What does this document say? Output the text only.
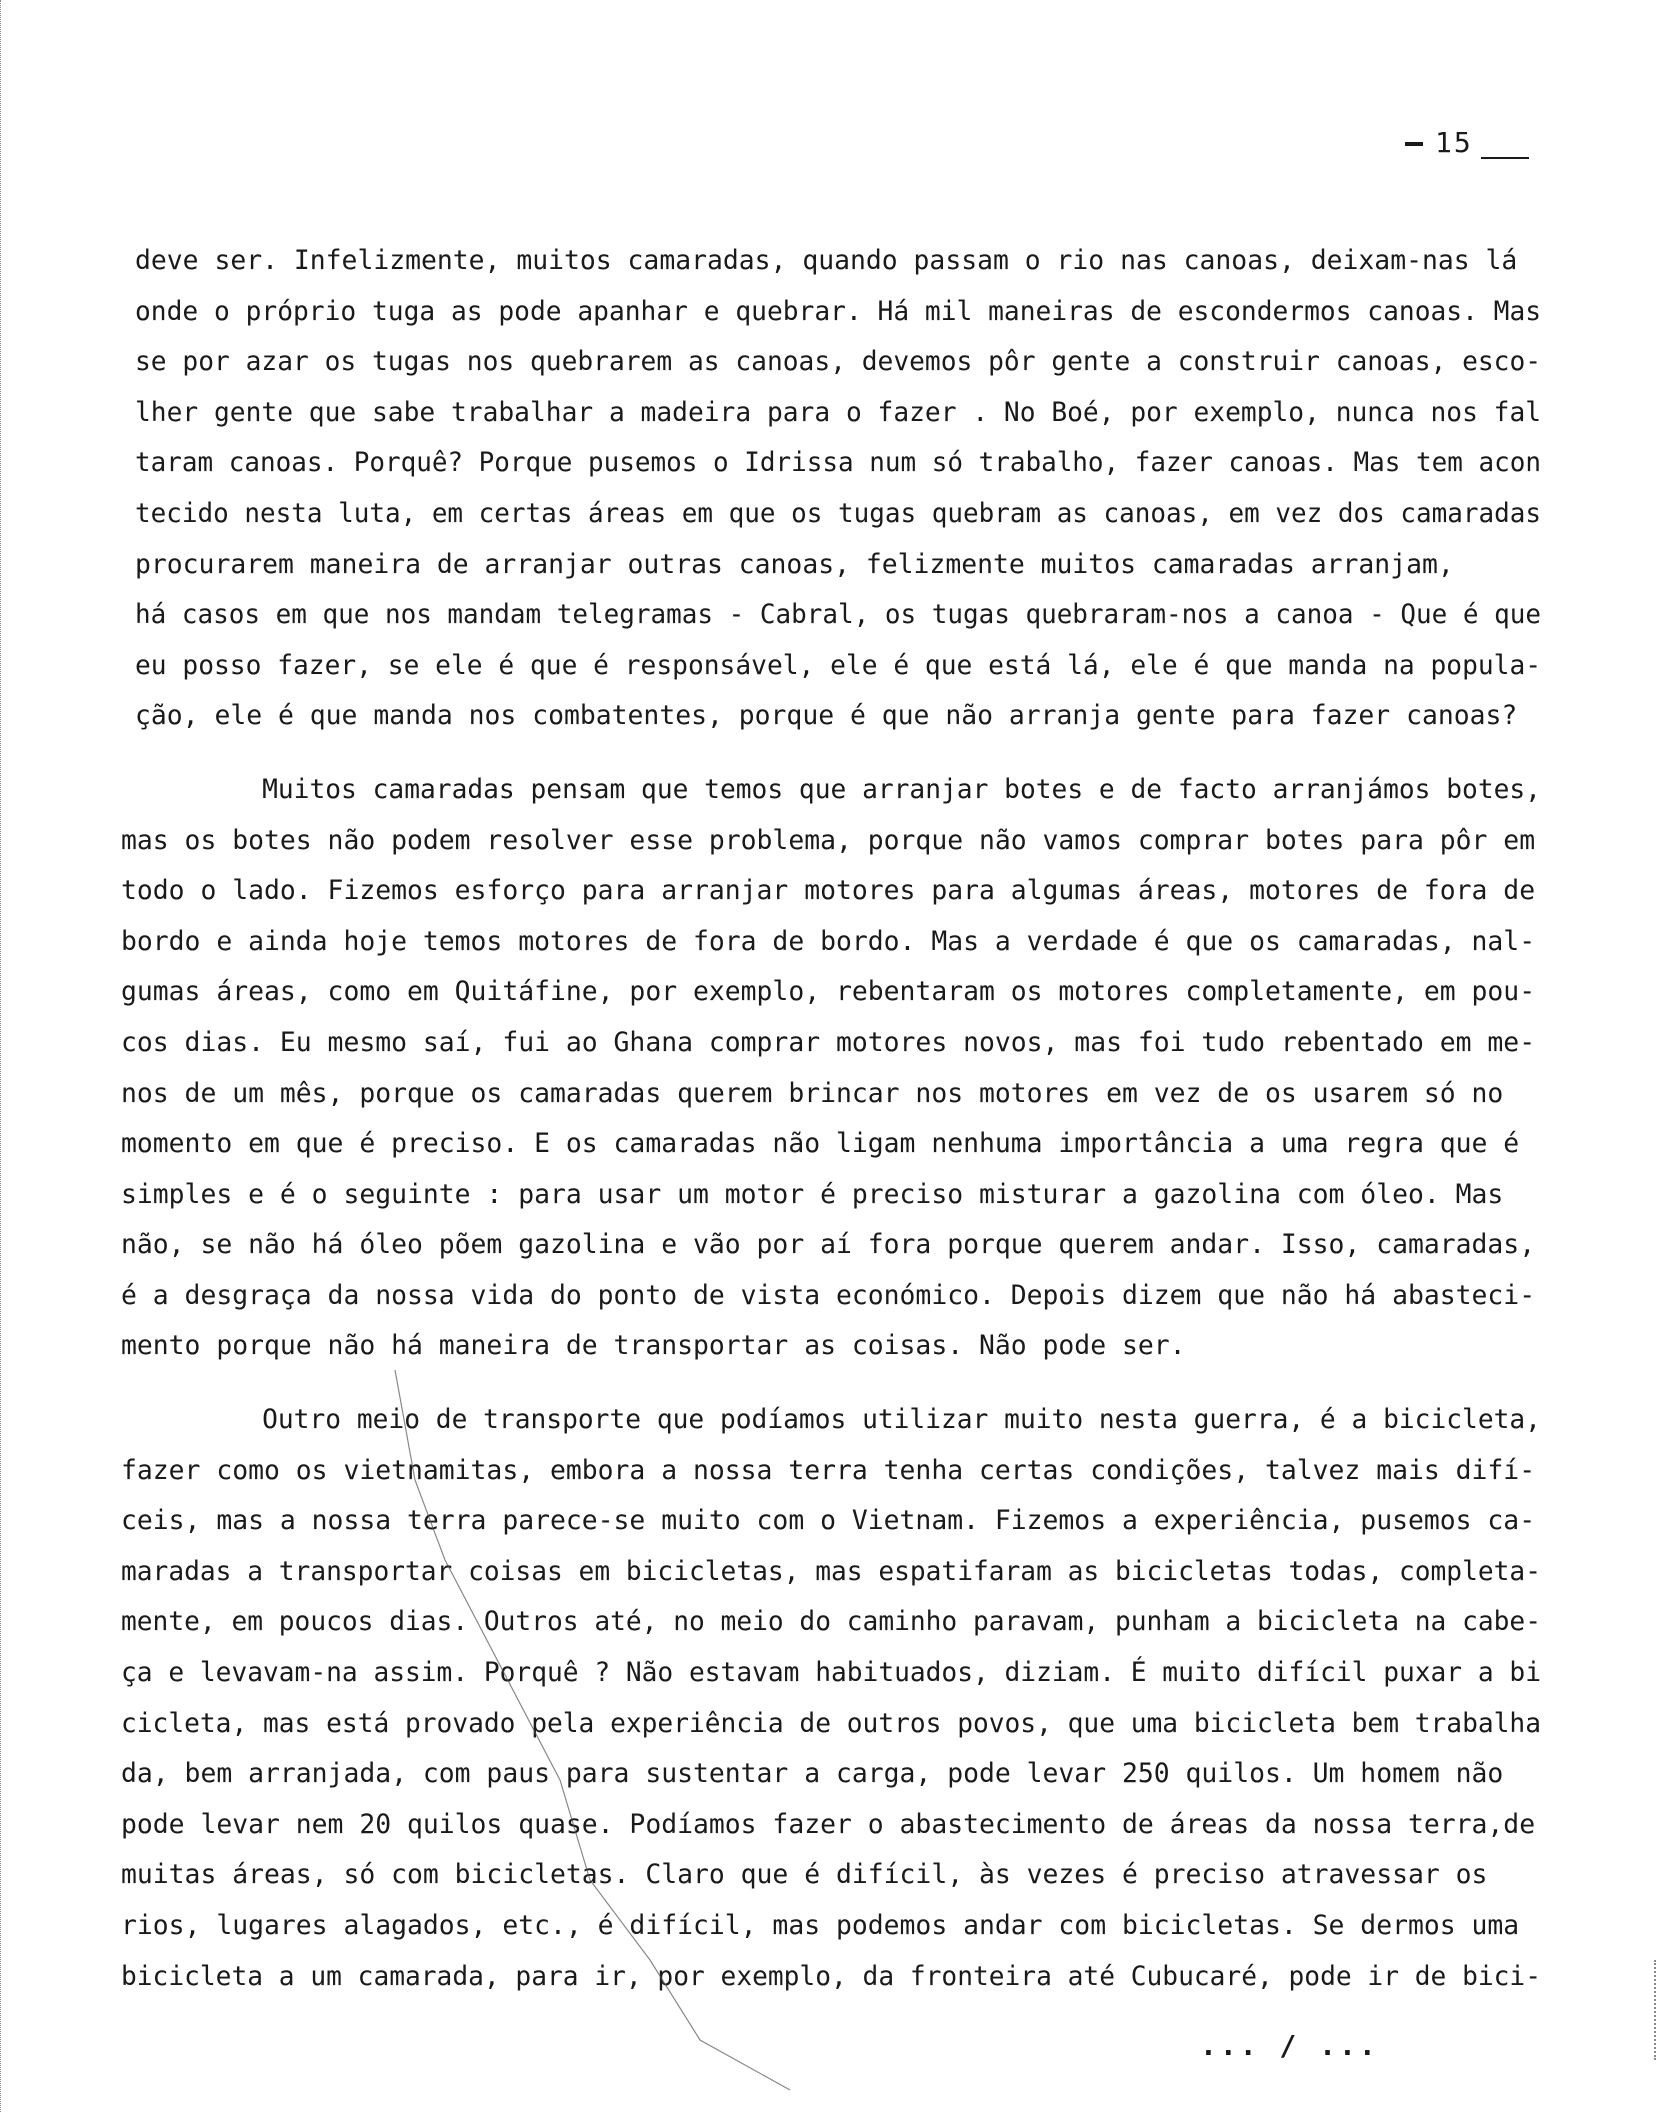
15

deve ser. Infelizmente, muitos camaradas, quando passam o rio nas canoas, deixam-nas lá
onde o próprio tuga as pode apanhar e quebrar. Há mil maneiras de escondermos canoas. Mas
se por azar os tugas nos quebrarem as canoas, devemos pôr gente a construir canoas, esco-
lher gente que sabe trabalhar a madeira para o fazer . No Boé, por exemplo, nunca nos fal
taram canoas. Porquê? Porque pusemos o Idrissa num só trabalho, fazer canoas. Mas tem acon
tecido nesta luta, em certas áreas em que os tugas quebram as canoas, em vez dos camaradas
procurarem maneira de arranjar outras canoas, felizmente muitos camaradas arranjam,
há casos em que nos mandam telegramas - Cabral, os tugas quebraram-nos a canoa - Que é que
eu posso fazer, se ele é que é responsável, ele é que está lá, ele é que manda na popula-
ção, ele é que manda nos combatentes, porque é que não arranja gente para fazer canoas?

Muitos camaradas pensam que temos que arranjar botes e de facto arranjámos botes,
mas os botes não podem resolver esse problema, porque não vamos comprar botes para pôr em
todo o lado. Fizemos esforço para arranjar motores para algumas áreas, motores de fora de
bordo e ainda hoje temos motores de fora de bordo. Mas a verdade é que os camaradas, nal-
gumas áreas, como em Quitáfine, por exemplo, rebentaram os motores completamente, em pou-
cos dias. Eu mesmo saí, fui ao Ghana comprar motores novos, mas foi tudo rebentado em me-
nos de um mês, porque os camaradas querem brincar nos motores em vez de os usarem só no
momento em que é preciso. E os camaradas não ligam nenhuma importância a uma regra que é
simples e é o seguinte : para usar um motor é preciso misturar a gazolina com óleo. Mas
não, se não há óleo põem gazolina e vão por aí fora porque querem andar. Isso, camaradas,
é a desgraça da nossa vida do ponto de vista económico. Depois dizem que não há abasteci-
mento porque não há maneira de transportar as coisas. Não pode ser.

Outro meio de transporte que podíamos utilizar muito nesta guerra, é a bicicleta,
fazer como os vietnamitas, embora a nossa terra tenha certas condições, talvez mais difí-
ceis, mas a nossa terra parece-se muito com o Vietnam. Fizemos a experiência, pusemos ca-
maradas a transportar coisas em bicicletas, mas espatifaram as bicicletas todas, completa-
mente, em poucos dias. Outros até, no meio do caminho paravam, punham a bicicleta na cabe-
ça e levavam-na assim. Porquê ? Não estavam habituados, diziam. É muito difícil puxar a bi
cicleta, mas está provado pela experiência de outros povos, que uma bicicleta bem trabalha
da, bem arranjada, com paus para sustentar a carga, pode levar 250 quilos. Um homem não
pode levar nem 20 quilos quase. Podíamos fazer o abastecimento de áreas da nossa terra,de
muitas áreas, só com bicicletas. Claro que é difícil, às vezes é preciso atravessar os
rios, lugares alagados, etc., é difícil, mas podemos andar com bicicletas. Se dermos uma
bicicleta a um camarada, para ir, por exemplo, da fronteira até Cubucaré, pode ir de bici-

... / ...
